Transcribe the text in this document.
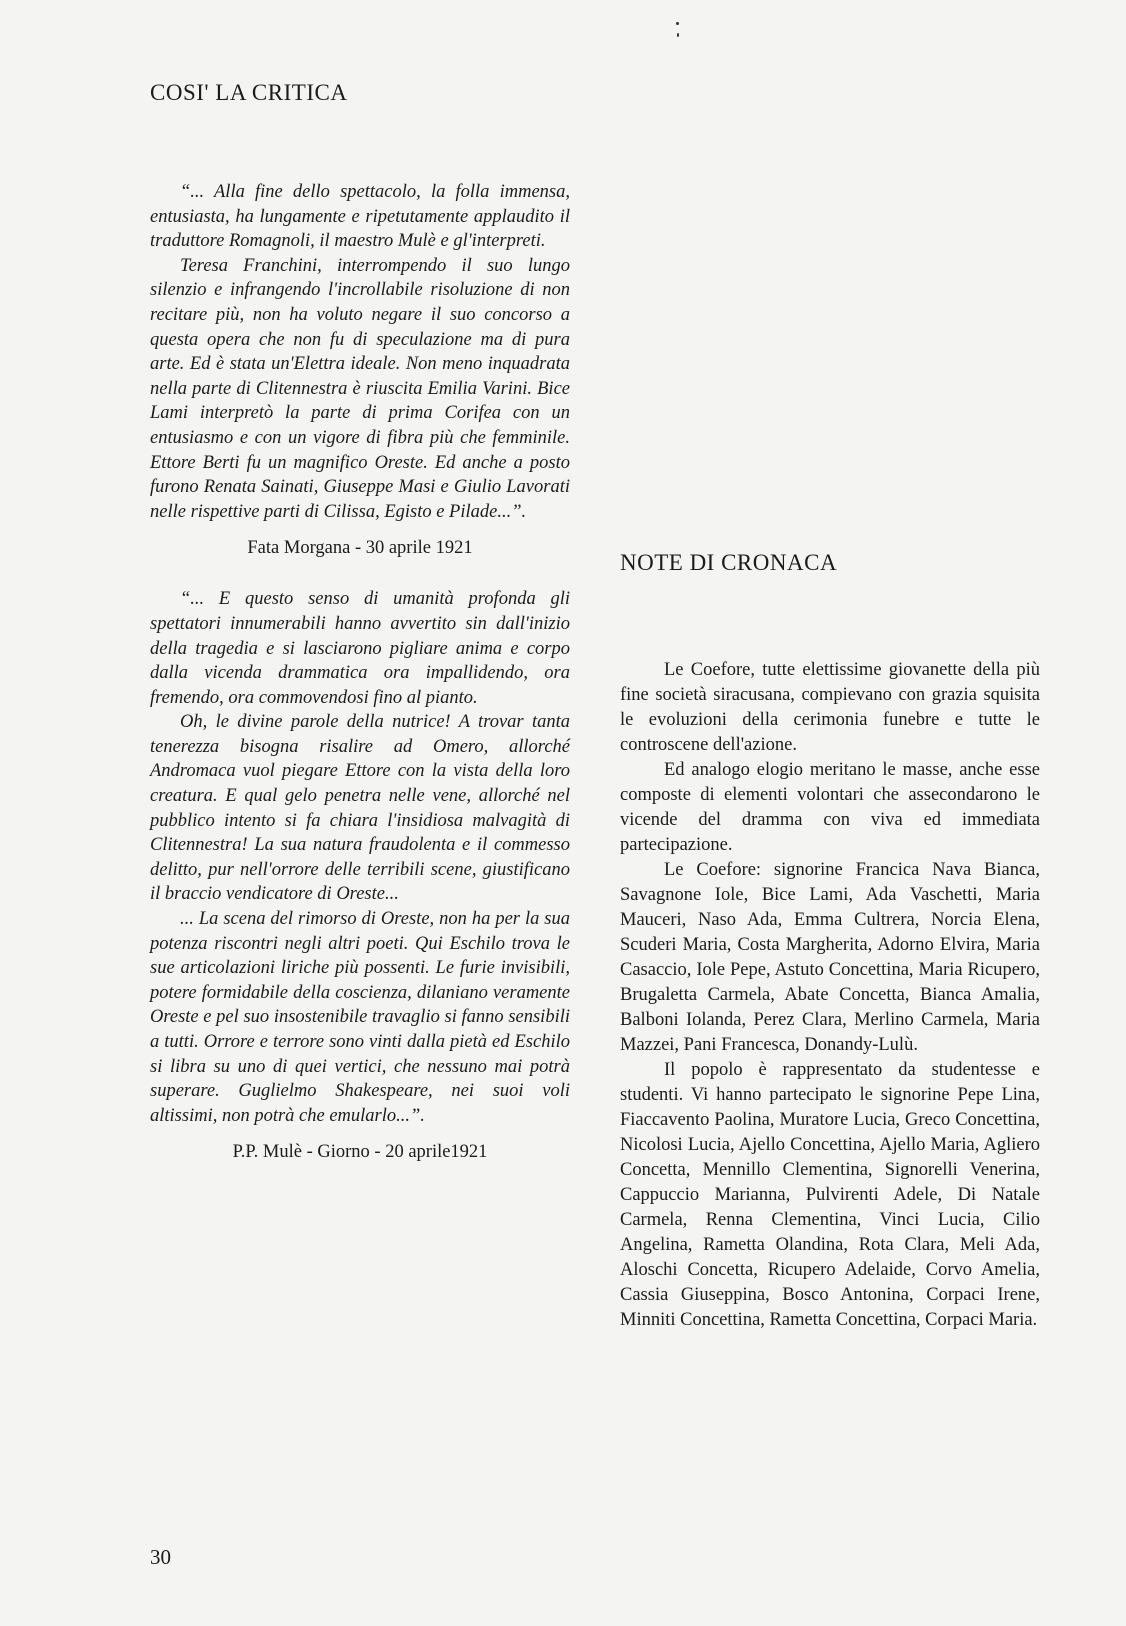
COSI' LA CRITICA

“... Alla fine dello spettacolo, la folla immensa, entusiasta, ha lungamente e ripetutamente applaudito il traduttore Romagnoli, il maestro Mulè e gl'interpreti.

Teresa Franchini, interrompendo il suo lungo silenzio e infrangendo l'incrollabile risoluzione di non recitare più, non ha voluto negare il suo concorso a questa opera che non fu di speculazione ma di pura arte. Ed è stata un'Elettra ideale. Non meno inquadrata nella parte di Clitennestra è riuscita Emilia Varini. Bice Lami interpretò la parte di prima Corifea con un entusiasmo e con un vigore di fibra più che femminile. Ettore Berti fu un magnifico Oreste. Ed anche a posto furono Renata Sainati, Giuseppe Masi e Giulio Lavorati nelle rispettive parti di Cilissa, Egisto e Pilade...”.

Fata Morgana - 30 aprile 1921

“... E questo senso di umanità profonda gli spettatori innumerabili hanno avvertito sin dall'inizio della tragedia e si lasciarono pigliare anima e corpo dalla vicenda drammatica ora impallidendo, ora fremendo, ora commovendosi fino al pianto.

Oh, le divine parole della nutrice! A trovar tanta tenerezza bisogna risalire ad Omero, allorché Andromaca vuol piegare Ettore con la vista della loro creatura. E qual gelo penetra nelle vene, allorché nel pubblico intento si fa chiara l'insidiosa malvagità di Clitennestra! La sua natura fraudolenta e il commesso delitto, pur nell'orrore delle terribili scene, giustificano il braccio vendicatore di Oreste...

... La scena del rimorso di Oreste, non ha per la sua potenza riscontri negli altri poeti. Qui Eschilo trova le sue articolazioni liriche più possenti. Le furie invisibili, potere formidabile della coscienza, dilaniano veramente Oreste e pel suo insostenibile travaglio si fanno sensibili a tutti. Orrore e terrore sono vinti dalla pietà ed Eschilo si libra su uno di quei vertici, che nessuno mai potrà superare. Guglielmo Shakespeare, nei suoi voli altissimi, non potrà che emularlo...”.

P.P. Mulè - Giorno - 20 aprile1921
NOTE DI CRONACA

Le Coefore, tutte elettissime giovanette della più fine società siracusana, compievano con grazia squisita le evoluzioni della cerimonia funebre e tutte le controscene dell'azione.

Ed analogo elogio meritano le masse, anche esse composte di elementi volontari che assecondarono le vicende del dramma con viva ed immediata partecipazione.

Le Coefore: signorine Francica Nava Bianca, Savagnone Iole, Bice Lami, Ada Vaschetti, Maria Mauceri, Naso Ada, Emma Cultrera, Norcia Elena, Scuderi Maria, Costa Margherita, Adorno Elvira, Maria Casaccio, Iole Pepe, Astuto Concettina, Maria Ricupero, Brugaletta Carmela, Abate Concetta, Bianca Amalia, Balboni Iolanda, Perez Clara, Merlino Carmela, Maria Mazzei, Pani Francesca, Donandy-Lulù.

Il popolo è rappresentato da studentesse e studenti. Vi hanno partecipato le signorine Pepe Lina, Fiaccavento Paolina, Muratore Lucia, Greco Concettina, Nicolosi Lucia, Ajello Concettina, Ajello Maria, Agliero Concetta, Mennillo Clementina, Signorelli Venerina, Cappuccio Marianna, Pulvirenti Adele, Di Natale Carmela, Renna Clementina, Vinci Lucia, Cilio Angelina, Rametta Olandina, Rota Clara, Meli Ada, Aloschi Concetta, Ricupero Adelaide, Corvo Amelia, Cassia Giuseppina, Bosco Antonina, Corpaci Irene, Minniti Concettina, Rametta Concettina, Corpaci Maria.

30
